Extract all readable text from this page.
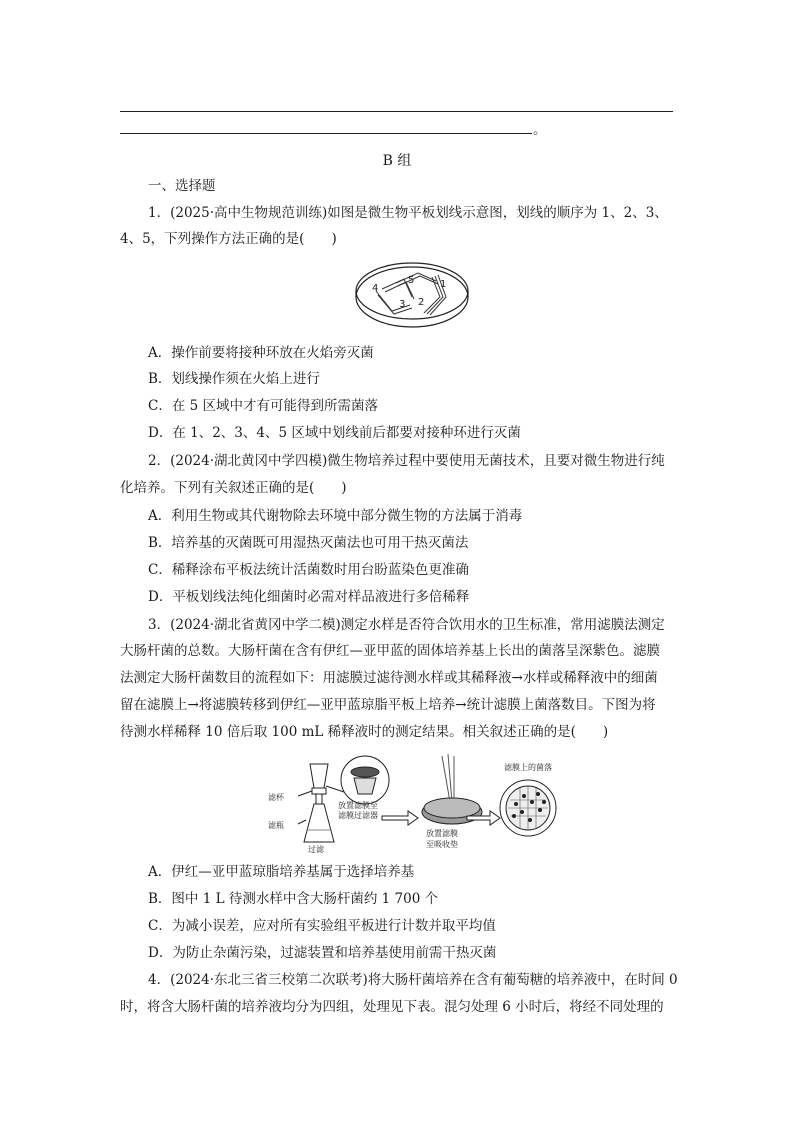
。
B 组
一、选择题
1．(2025·高中生物规范训练)如图是微生物平板划线示意图，划线的顺序为 1、2、3、
4、5，下列操作方法正确的是(　　)
4
5	1
3 2
A．操作前要将接种环放在火焰旁灭菌
B．划线操作须在火焰上进行
C．在 5 区域中才有可能得到所需菌落
D．在 1、2、3、4、5 区域中划线前后都要对接种环进行灭菌
2．(2024·湖北黄冈中学四模)微生物培养过程中要使用无菌技术，且要对微生物进行纯
化培养。下列有关叙述正确的是(　　)
A．利用生物或其代谢物除去环境中部分微生物的方法属于消毒
B．培养基的灭菌既可用湿热灭菌法也可用干热灭菌法
C．稀释涂布平板法统计活菌数时用台盼蓝染色更准确
D．平板划线法纯化细菌时必需对样品液进行多倍稀释
3．(2024·湖北省黄冈中学二模)测定水样是否符合饮用水的卫生标准，常用滤膜法测定
大肠杆菌的总数。大肠杆菌在含有伊红—亚甲蓝的固体培养基上长出的菌落呈深紫色。滤膜
法测定大肠杆菌数目的流程如下：用滤膜过滤待测水样或其稀释液→水样或稀释液中的细菌
留在滤膜上→将滤膜转移到伊红—亚甲蓝琼脂平板上培养→统计滤膜上菌落数目。下图为将
待测水样稀释 10 倍后取 100 mL 稀释液时的测定结果。相关叙述正确的是(　　)
滤杯
滤瓶
过滤
放置滤膜至
滤膜过滤器
放置滤膜
至吸收垫
滤膜上的菌落
A．伊红—亚甲蓝琼脂培养基属于选择培养基
B．图中 1 L 待测水样中含大肠杆菌约 1 700 个
C．为减小误差，应对所有实验组平板进行计数并取平均值
D．为防止杂菌污染，过滤装置和培养基使用前需干热灭菌
4．(2024·东北三省三校第二次联考)将大肠杆菌培养在含有葡萄糖的培养液中，在时间 0
时，将含大肠杆菌的培养液均分为四组，处理见下表。混匀处理 6 小时后，将经不同处理的
